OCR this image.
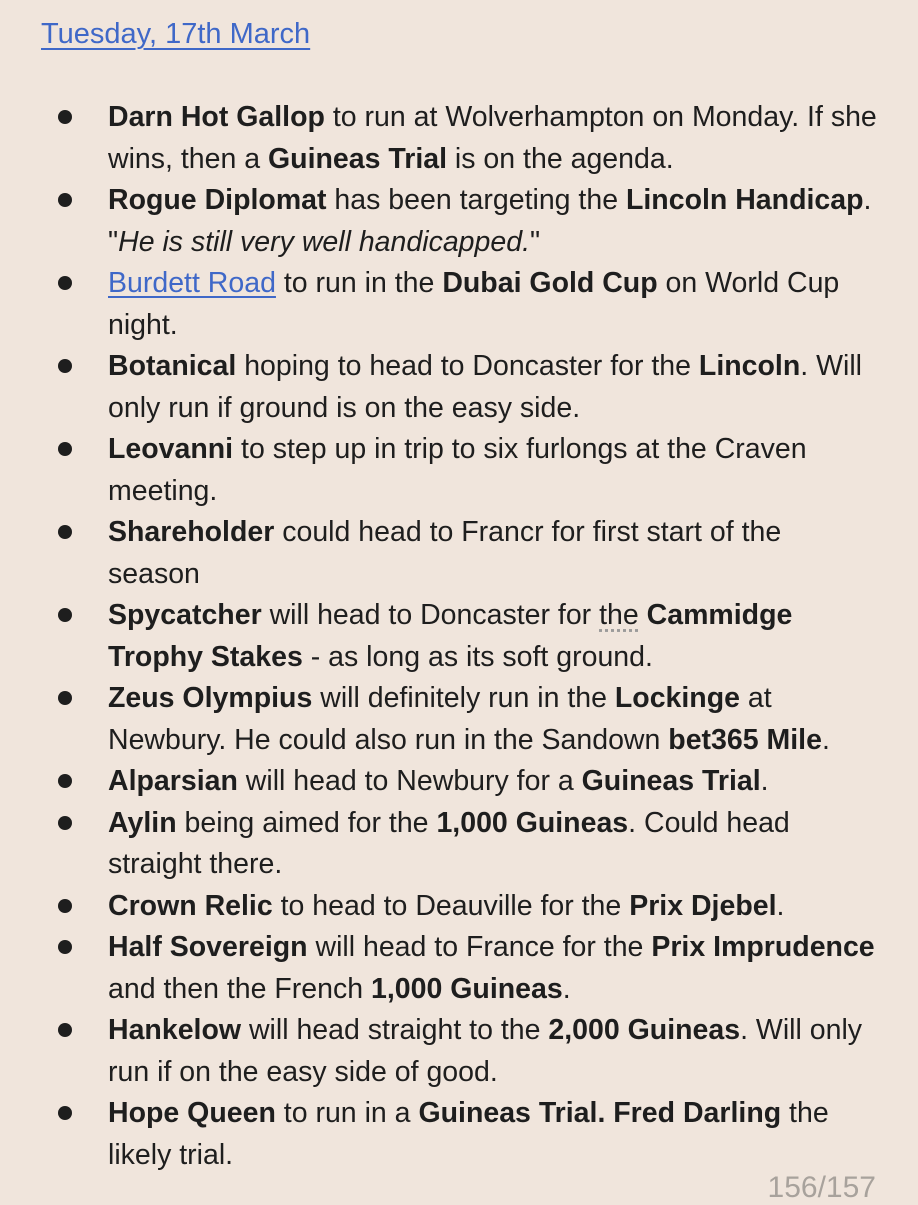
Tuesday, 17th March
Darn Hot Gallop to run at Wolverhampton on Monday. If she wins, then a Guineas Trial is on the agenda.
Rogue Diplomat has been targeting the Lincoln Handicap. "He is still very well handicapped."
Burdett Road to run in the Dubai Gold Cup on World Cup night.
Botanical hoping to head to Doncaster for the Lincoln. Will only run if ground is on the easy side.
Leovanni to step up in trip to six furlongs at the Craven meeting.
Shareholder could head to Francr for first start of the season
Spycatcher will head to Doncaster for the Cammidge Trophy Stakes - as long as its soft ground.
Zeus Olympius will definitely run in the Lockinge at Newbury. He could also run in the Sandown bet365 Mile.
Alparsian will head to Newbury for a Guineas Trial.
Aylin being aimed for the 1,000 Guineas. Could head straight there.
Crown Relic to head to Deauville for the Prix Djebel.
Half Sovereign will head to France for the Prix Imprudence and then the French 1,000 Guineas.
Hankelow will head straight to the 2,000 Guineas. Will only run if on the easy side of good.
Hope Queen to run in a Guineas Trial. Fred Darling the likely trial.
156/157
